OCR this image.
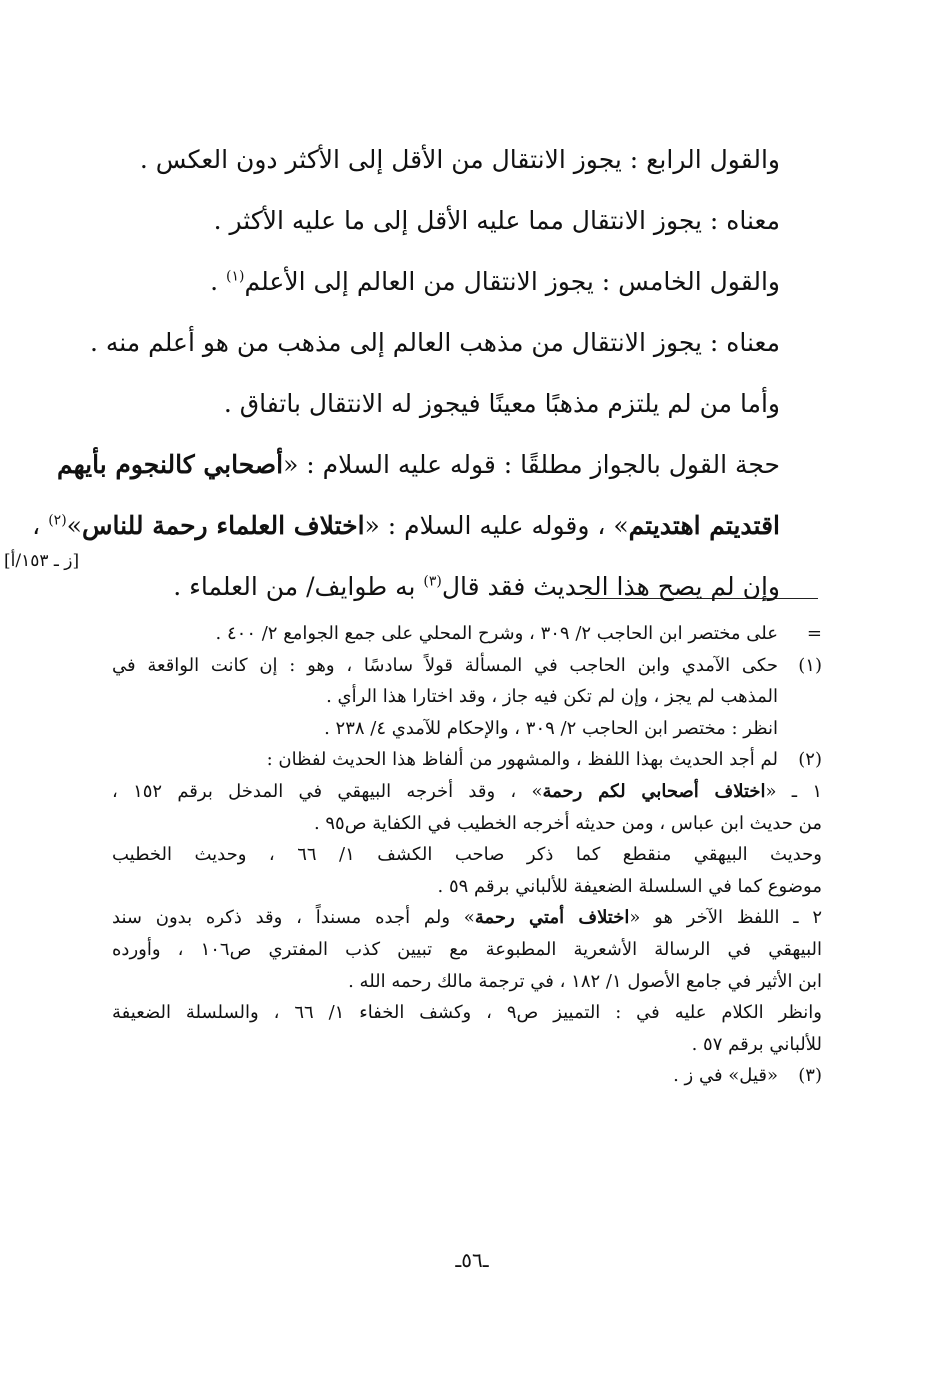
والقول الرابع : يجوز الانتقال من الأقل إلى الأكثر دون العكس .
معناه : يجوز الانتقال مما عليه الأقل إلى ما عليه الأكثر .
والقول الخامس : يجوز الانتقال من العالم إلى الأعلم$^{(١)}$ .
معناه : يجوز الانتقال من مذهب العالم إلى مذهب من هو أعلم منه .
وأما من لم يلتزم مذهبًا معينًا فيجوز له الانتقال باتفاق .
حجة القول بالجواز مطلقًا : قوله عليه السلام : «أصحابي كالنجوم بأيهم
اقتديتم اهتديتم» ، وقوله عليه السلام : «اختلاف العلماء رحمة للناس»$^{(٢)}$ ،
وإن لم يصح هذا الحديث فقد قال$^{(٣)}$ به طوايف/ من العلماء .
[ز ـ ١٥٣/أ]
=
على مختصر ابن الحاجب ٢/ ٣٠٩ ، وشرح المحلي على جمع الجوامع ٢/ ٤٠٠ .
(١)
حكى الآمدي وابن الحاجب في المسألة قولاً سادسًا ، وهو : إن كانت الواقعة في
المذهب لم يجز ، وإن لم تكن فيه جاز ، وقد اختارا هذا الرأي .
انظر : مختصر ابن الحاجب ٢/ ٣٠٩ ، والإحكام للآمدي ٤/ ٢٣٨ .
(٢)
لم أجد الحديث بهذا اللفظ ، والمشهور من ألفاظ هذا الحديث لفظان :
١ ـ «اختلاف أصحابي لكم رحمة» ، وقد أخرجه البيهقي في المدخل برقم ١٥٢ ،
من حديث ابن عباس ، ومن حديثه أخرجه الخطيب في الكفاية ص٩٥ .
وحديث البيهقي منقطع كما ذكر صاحب الكشف ١/ ٦٦ ، وحديث الخطيب
موضوع كما في السلسلة الضعيفة للألباني برقم ٥٩ .
٢ ـ اللفظ الآخر هو «اختلاف أمتي رحمة» ولم أجده مسنداً ، وقد ذكره بدون سند
البيهقي في الرسالة الأشعرية المطبوعة مع تبيين كذب المفتري ص١٠٦ ، وأورده
ابن الأثير في جامع الأصول ١/ ١٨٢ ، في ترجمة مالك رحمه الله .
وانظر الكلام عليه في : التمييز ص٩ ، وكشف الخفاء ١/ ٦٦ ، والسلسلة الضعيفة
للألباني برقم ٥٧ .
(٣)
«قيل» في ز .
ـ٥٦ـ
